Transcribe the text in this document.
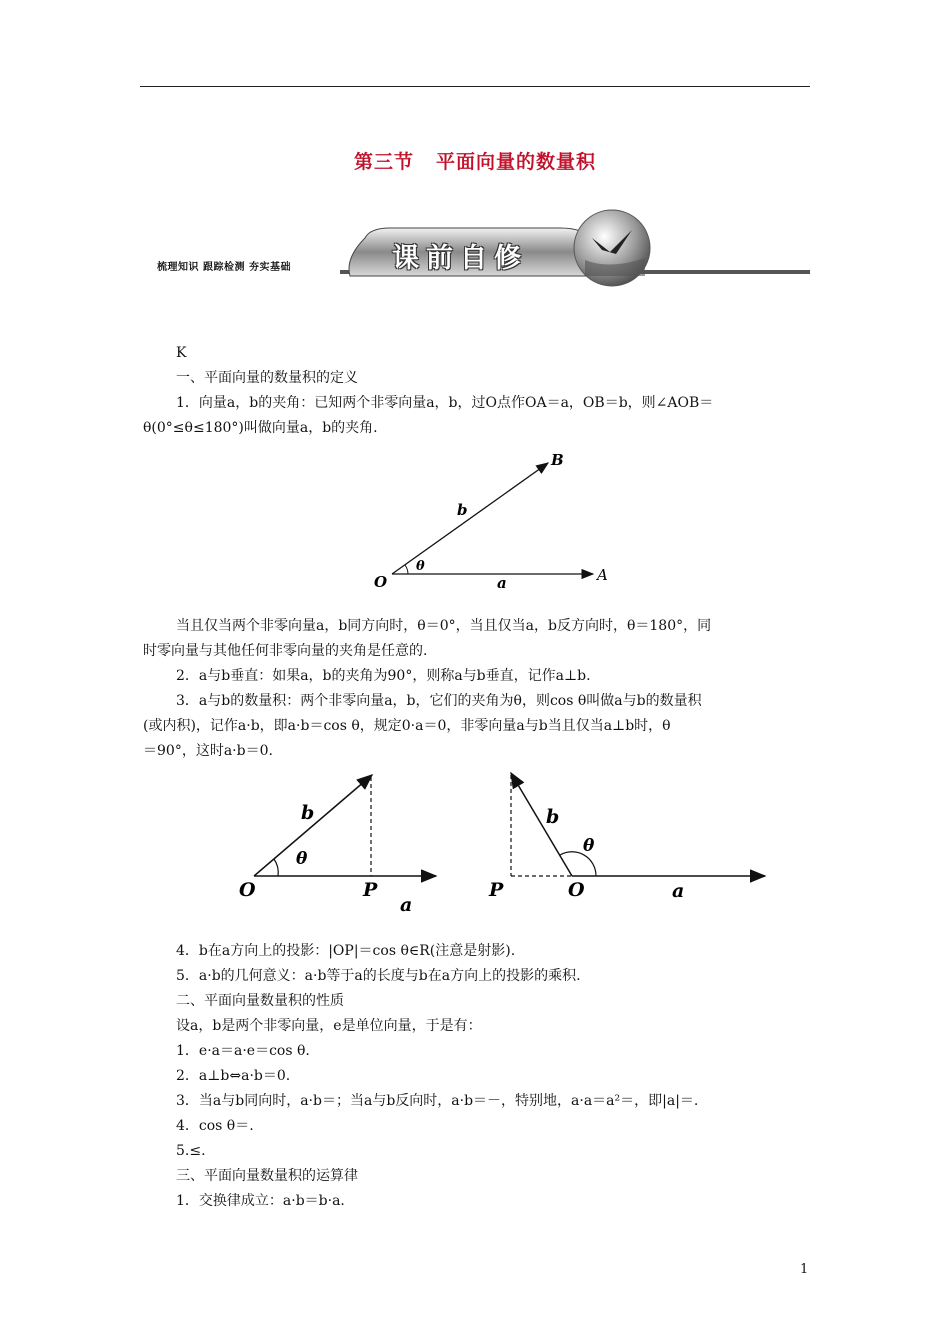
第三节 平面向量的数量积
梳理知识 跟踪检测 夯实基础	课前自修
K
一、平面向量的数量积的定义
1．向量a，b的夹角：已知两个非零向量a，b，过O点作OA＝a，OB＝b，则∠AOB＝
θ(0°≤θ≤180°)叫做向量a，b的夹角.
O	A
B
a
b
θ
当且仅当两个非零向量a，b同方向时，θ＝0°，当且仅当a，b反方向时，θ＝180°，同
时零向量与其他任何非零向量的夹角是任意的.
2．a与b垂直：如果a，b的夹角为90°，则称a与b垂直，记作a⊥b.
3．a与b的数量积：两个非零向量a，b，它们的夹角为θ，则cos θ叫做a与b的数量积
(或内积)，记作a·b，即a·b＝cos θ，规定0·a＝0，非零向量a与b当且仅当a⊥b时，θ
＝90°，这时a·b＝0.
O	P
a
b
θ
O
P	a
b
θ
4．b在a方向上的投影：|OP|＝cos θ∈R(注意是射影).
5．a·b的几何意义：a·b等于a的长度与b在a方向上的投影的乘积.
二、平面向量数量积的性质
设a，b是两个非零向量，e是单位向量，于是有：
1．e·a＝a·e＝cos θ.
2．a⊥b⇔a·b＝0.
3．当a与b同向时，a·b＝；当a与b反向时，a·b＝－，特别地，a·a＝a²＝，即|a|＝.
4．cos θ＝.
5.≤.
三、平面向量数量积的运算律
1．交换律成立：a·b＝b·a.
1
